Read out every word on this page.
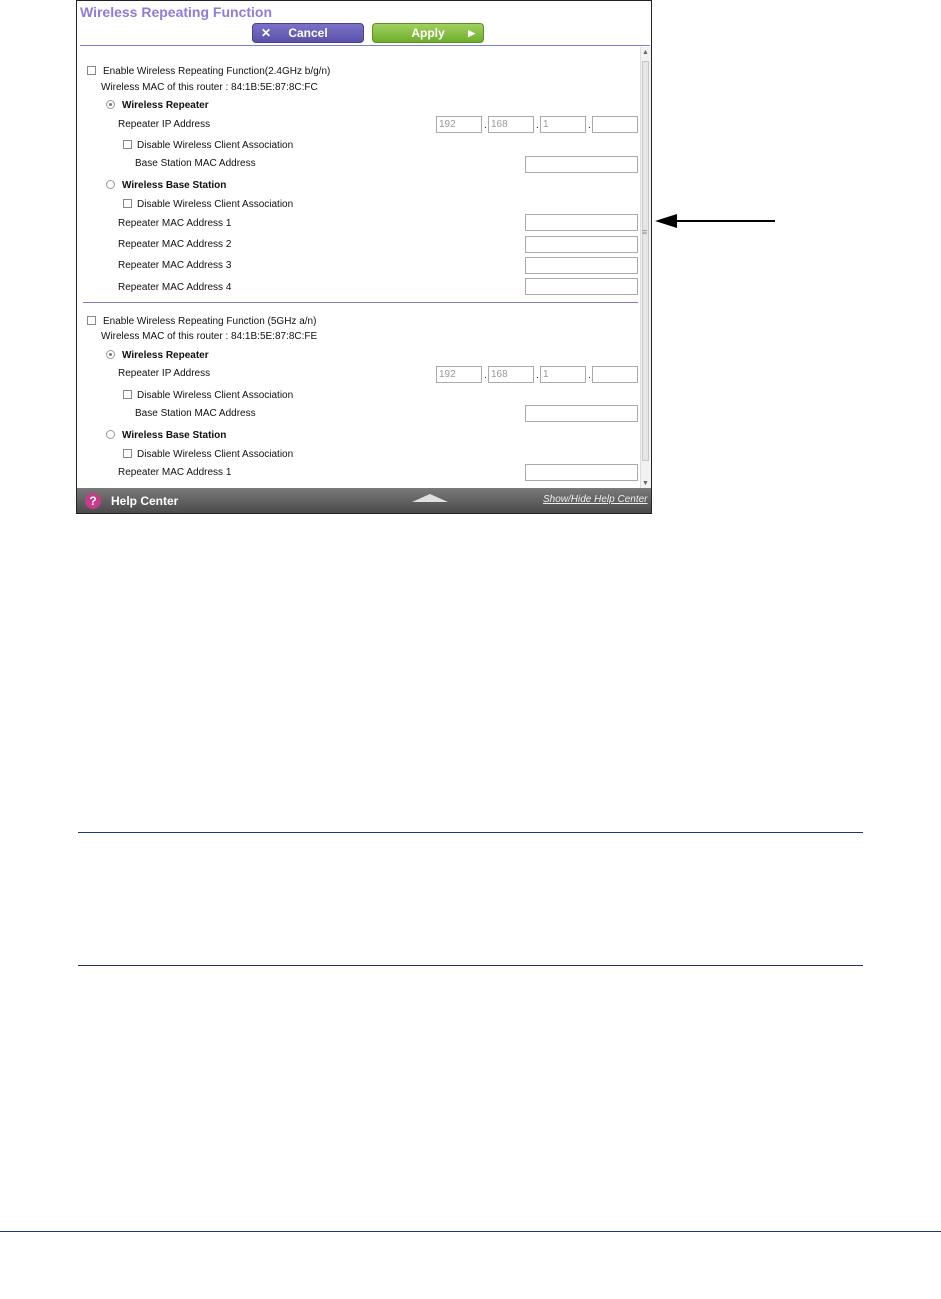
Wireless Repeating Function
✕	Cancel	Apply	▶
Enable Wireless Repeating Function(2.4GHz b/g/n)
Wireless MAC of this router : 84:1B:5E:87:8C:FC
Wireless Repeater
Repeater IP Address
192	.
168	.
1	.
Disable Wireless Client Association
Base Station MAC Address
Wireless Base Station
Disable Wireless Client Association
Repeater MAC Address 1
Repeater MAC Address 2
Repeater MAC Address 3
Repeater MAC Address 4
Enable Wireless Repeating Function (5GHz a/n)
Wireless MAC of this router : 84:1B:5E:87:8C:FE
Wireless Repeater
Repeater IP Address
192	.
168	.
1	.
Disable Wireless Client Association
Base Station MAC Address
Wireless Base Station
Disable Wireless Client Association
Repeater MAC Address 1
▲
≡
▼
?	Help Center	Show/Hide Help Center
